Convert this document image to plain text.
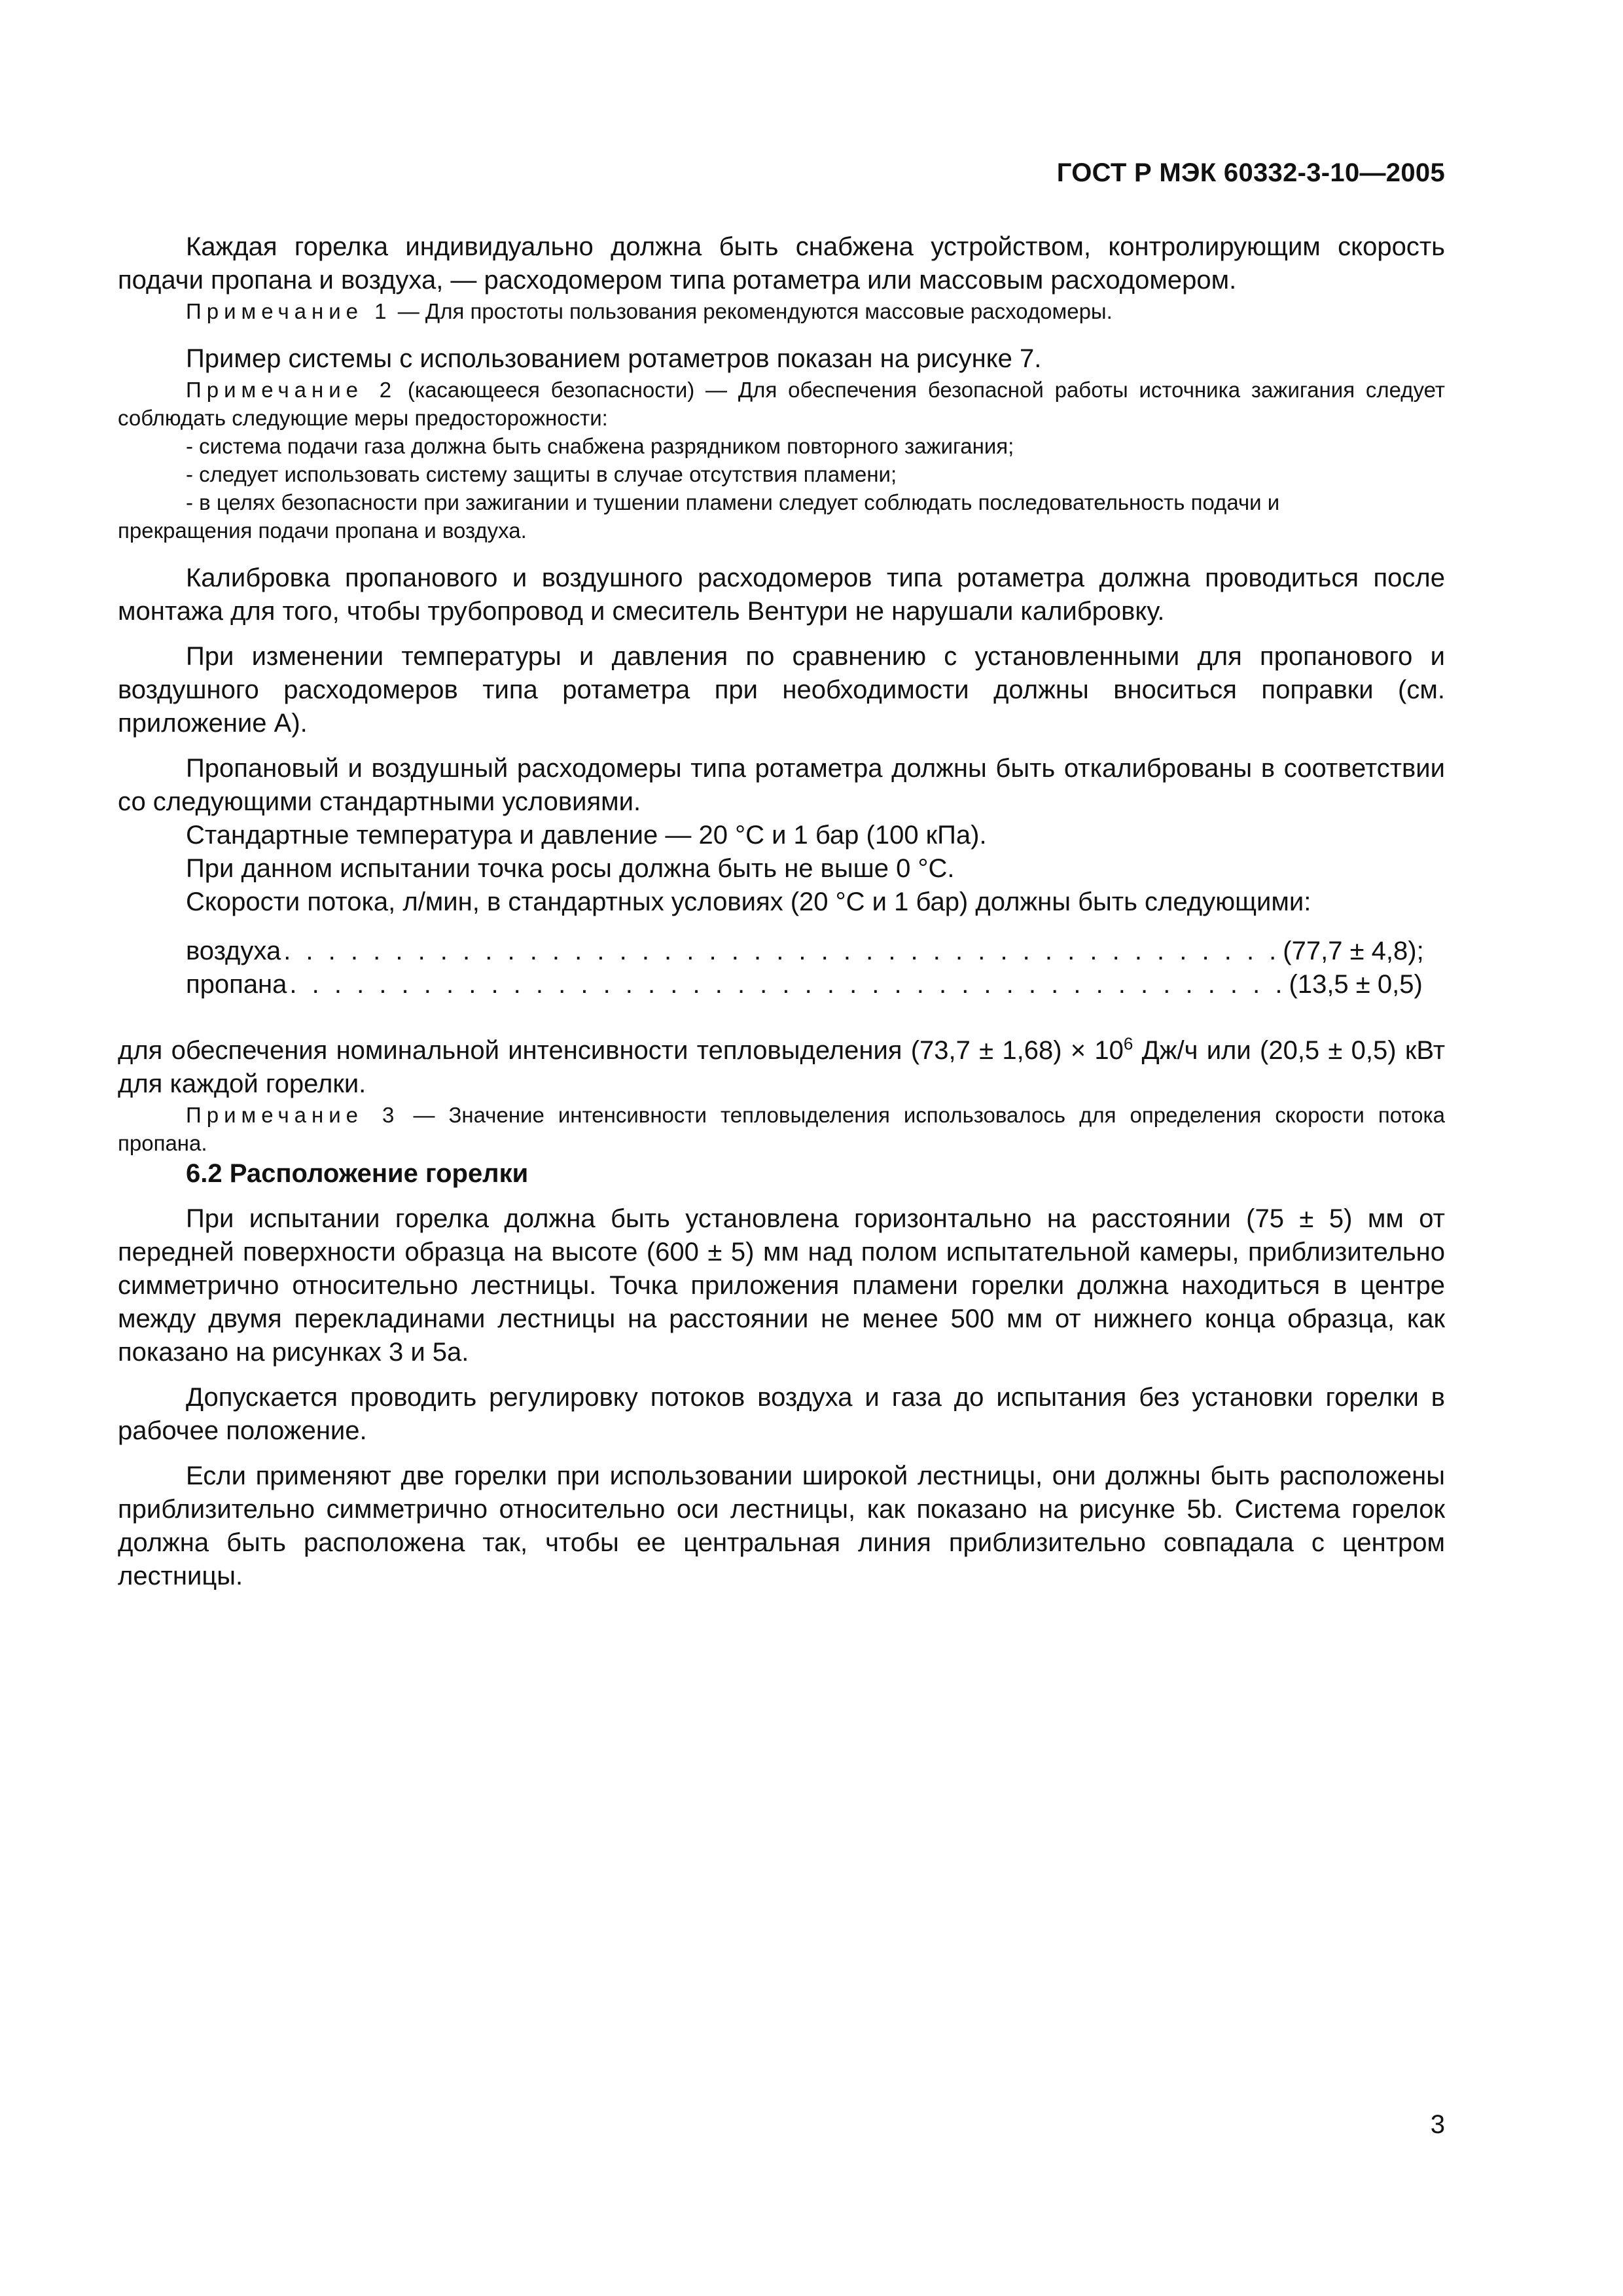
ГОСТ Р МЭК 60332-3-10—2005

Каждая горелка индивидуально должна быть снабжена устройством, контролирующим скорость подачи пропана и воздуха, — расходомером типа ротаметра или массовым расходомером.

Примечание 1 — Для простоты пользования рекомендуются массовые расходомеры.

Пример системы с использованием ротаметров показан на рисунке 7.

Примечание 2 (касающееся безопасности) — Для обеспечения безопасной работы источника зажигания следует соблюдать следующие меры предосторожности:

- система подачи газа должна быть снабжена разрядником повторного зажигания;

- следует использовать систему защиты в случае отсутствия пламени;

- в целях безопасности при зажигании и тушении пламени следует соблюдать последовательность подачи и

прекращения подачи пропана и воздуха.

Калибровка пропанового и воздушного расходомеров типа ротаметра должна проводиться после монтажа для того, чтобы трубопровод и смеситель Вентури не нарушали калибровку.

При изменении температуры и давления по сравнению с установленными для пропанового и воздушного расходомеров типа ротаметра при необходимости должны вноситься поправки (см. приложение А).

Пропановый и воздушный расходомеры типа ротаметра должны быть откалиброваны в соответствии со следующими стандартными условиями.

Стандартные температура и давление — 20 °С и 1 бар (100 кПа).

При данном испытании точка росы должна быть не выше 0 °С.

Скорости потока, л/мин, в стандартных условиях (20 °С и 1 бар) должны быть следующими:

воздуха . . . . . . . . . . . . . . . . . . . . . . . . . . . . . . . . . . . . . . . . . . . . . (77,7 ± 4,8);
пропана . . . . . . . . . . . . . . . . . . . . . . . . . . . . . . . . . . . . . . . . . . . . . (13,5 ± 0,5)

для обеспечения номинальной интенсивности тепловыделения $(73,7 \pm 1,68) \times 10^6$ Дж/ч или (20,5 ± 0,5) кВт для каждой горелки.

Примечание 3 — Значение интенсивности тепловыделения использовалось для определения скорости потока пропана.

6.2 Расположение горелки

При испытании горелка должна быть установлена горизонтально на расстоянии (75 ± 5) мм от передней поверхности образца на высоте (600 ± 5) мм над полом испытательной камеры, приблизительно симметрично относительно лестницы. Точка приложения пламени горелки должна находиться в центре между двумя перекладинами лестницы на расстоянии не менее 500 мм от нижнего конца образца, как показано на рисунках 3 и 5а.

Допускается проводить регулировку потоков воздуха и газа до испытания без установки горелки в рабочее положение.

Если применяют две горелки при использовании широкой лестницы, они должны быть расположены приблизительно симметрично относительно оси лестницы, как показано на рисунке 5b. Система горелок должна быть расположена так, чтобы ее центральная линия приблизительно совпадала с центром лестницы.

3
